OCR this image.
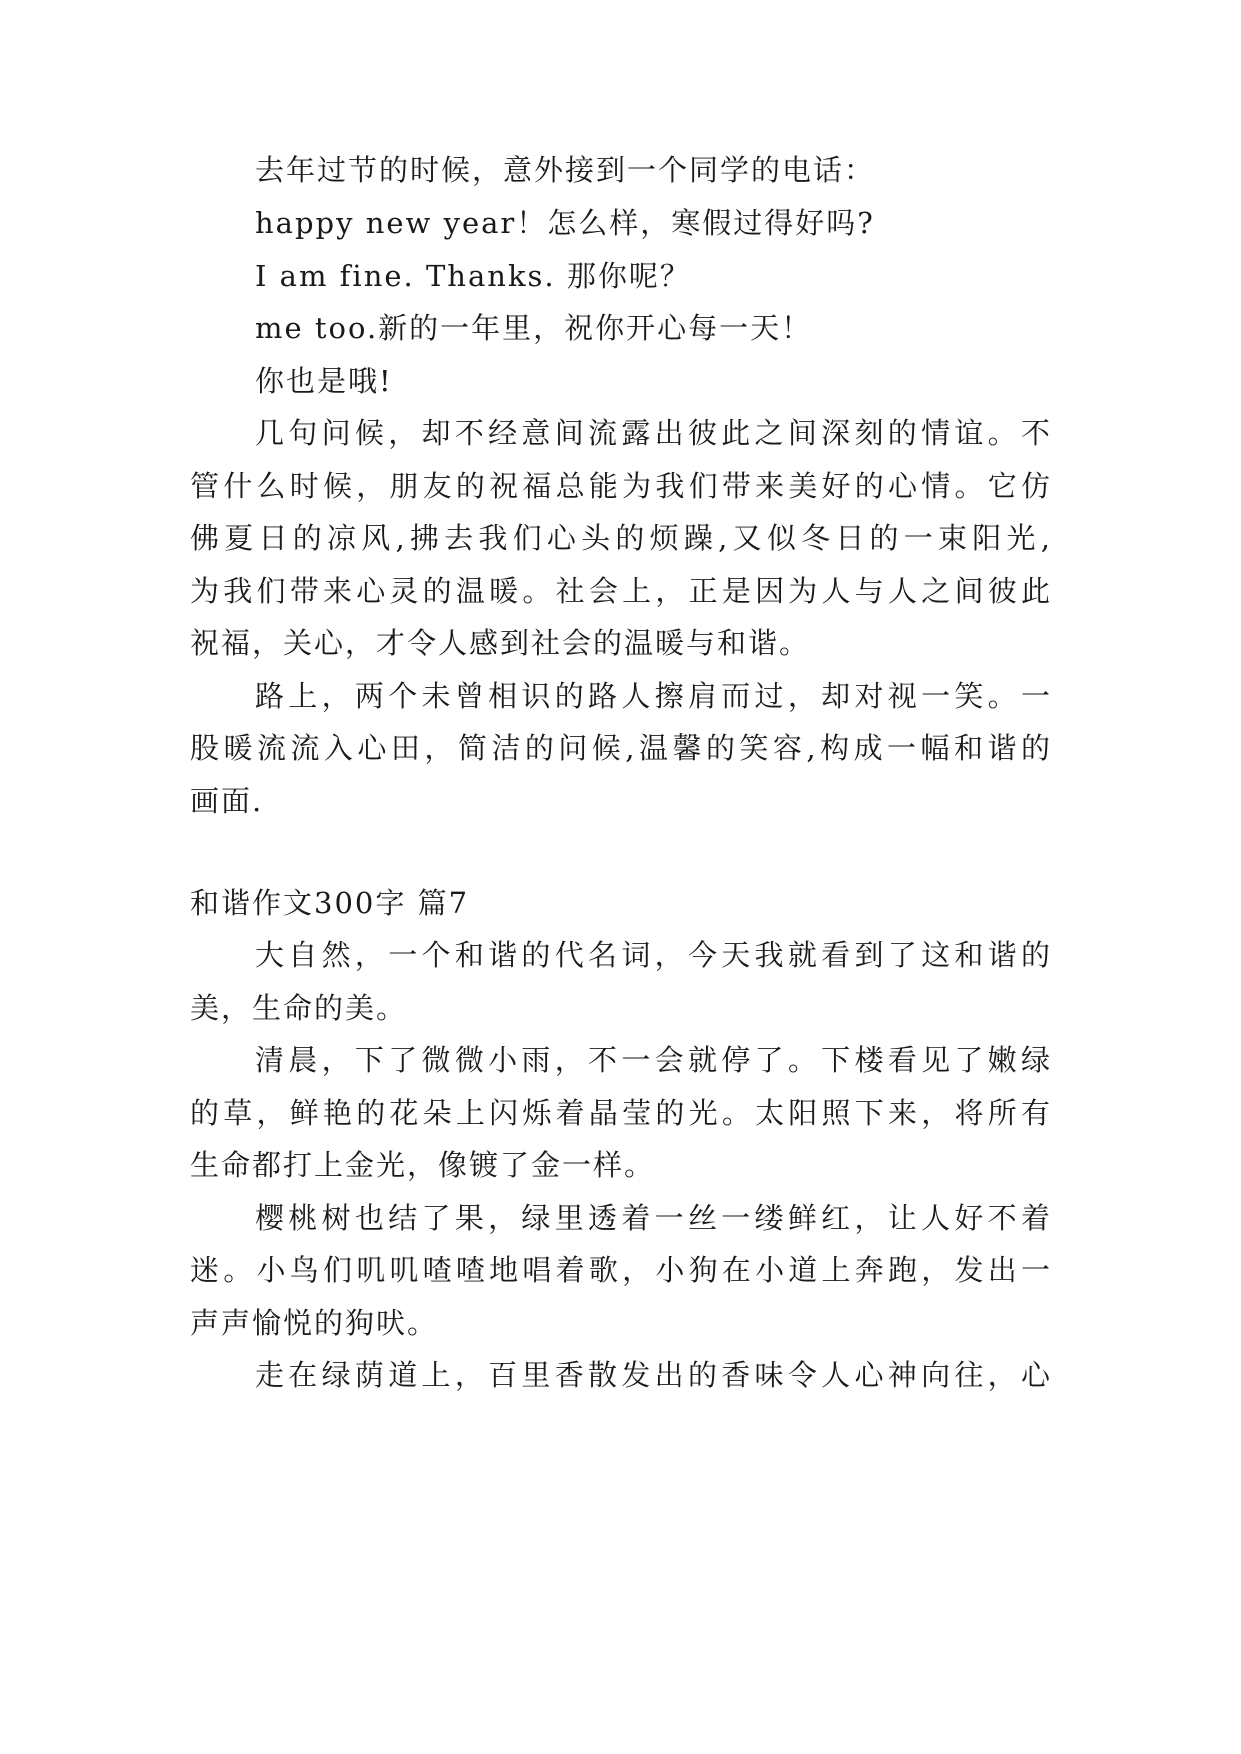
去年过节的时候，意外接到一个同学的电话：
happy new year！怎么样，寒假过得好吗?
I am fine. Thanks. 那你呢？
me too.新的一年里，祝你开心每一天！
你也是哦!
几句问候，却不经意间流露出彼此之间深刻的情谊。不
管什么时候，朋友的祝福总能为我们带来美好的心情。它仿
佛夏日的凉风,拂去我们心头的烦躁,又似冬日的一束阳光,
为我们带来心灵的温暖。社会上，正是因为人与人之间彼此
祝福，关心，才令人感到社会的温暖与和谐。
路上，两个未曾相识的路人擦肩而过，却对视一笑。一
股暖流流入心田，简洁的问候,温馨的笑容,构成一幅和谐的
画面.
和谐作文300字 篇7
大自然，一个和谐的代名词，今天我就看到了这和谐的
美，生命的美。
清晨，下了微微小雨，不一会就停了。下楼看见了嫩绿
的草，鲜艳的花朵上闪烁着晶莹的光。太阳照下来，将所有
生命都打上金光，像镀了金一样。
樱桃树也结了果，绿里透着一丝一缕鲜红，让人好不着
迷。小鸟们叽叽喳喳地唱着歌，小狗在小道上奔跑，发出一
声声愉悦的狗吠。
走在绿荫道上，百里香散发出的香味令人心神向往，心
